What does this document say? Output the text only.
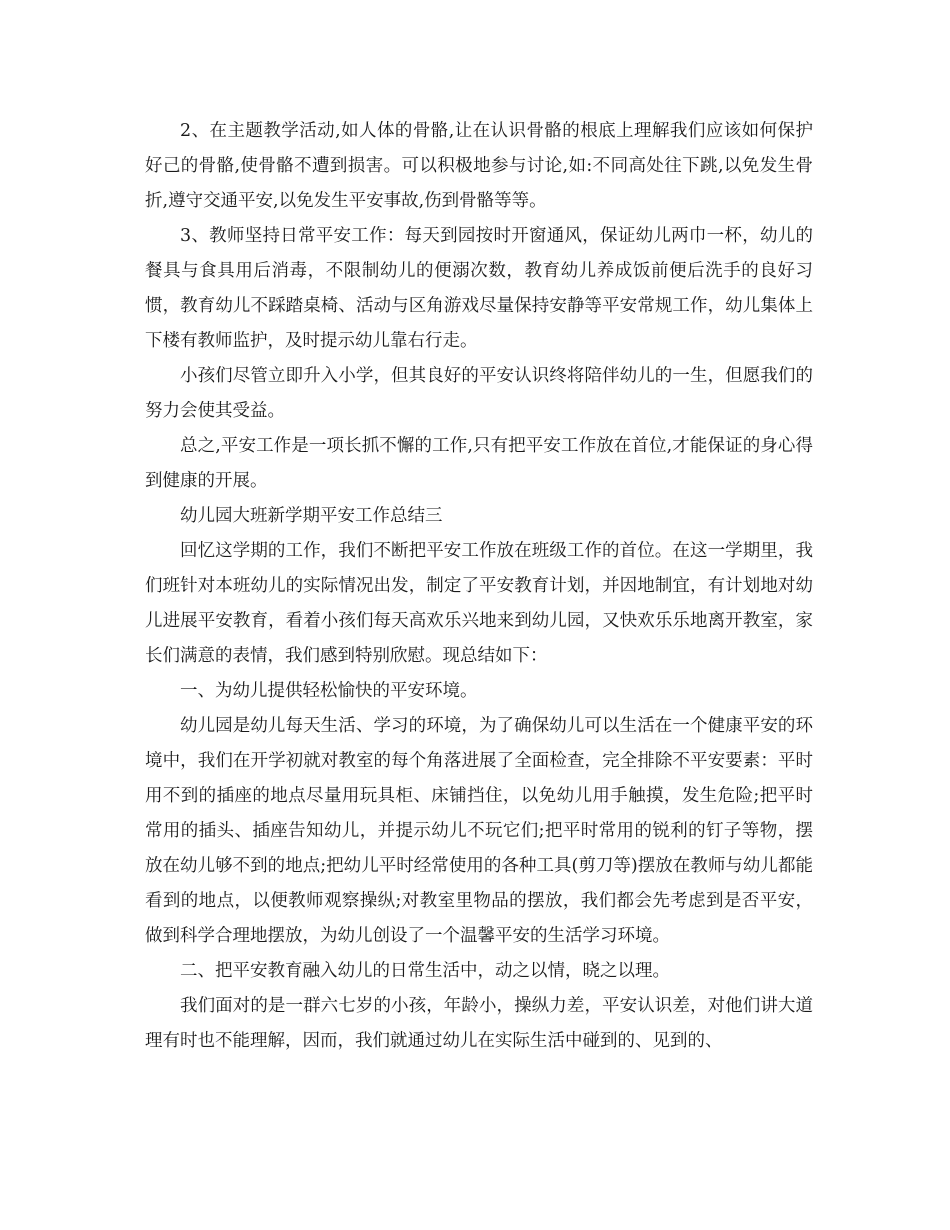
2、在主题教学活动,如人体的骨骼,让在认识骨骼的根底上理解我们应该如何保护好己的骨骼,使骨骼不遭到损害。可以积极地参与讨论,如:不同高处往下跳,以免发生骨折,遵守交通平安,以免发生平安事故,伤到骨骼等等。

3、教师坚持日常平安工作：每天到园按时开窗通风，保证幼儿两巾一杯，幼儿的餐具与食具用后消毒，不限制幼儿的便溺次数，教育幼儿养成饭前便后洗手的良好习惯，教育幼儿不踩踏桌椅、活动与区角游戏尽量保持安静等平安常规工作，幼儿集体上下楼有教师监护，及时提示幼儿靠右行走。

小孩们尽管立即升入小学，但其良好的平安认识终将陪伴幼儿的一生，但愿我们的努力会使其受益。

总之,平安工作是一项长抓不懈的工作,只有把平安工作放在首位,才能保证的身心得到健康的开展。

幼儿园大班新学期平安工作总结三

回忆这学期的工作，我们不断把平安工作放在班级工作的首位。在这一学期里，我们班针对本班幼儿的实际情况出发，制定了平安教育计划，并因地制宜，有计划地对幼儿进展平安教育，看着小孩们每天高欢乐兴地来到幼儿园，又快欢乐乐地离开教室，家长们满意的表情，我们感到特别欣慰。现总结如下：

一、为幼儿提供轻松愉快的平安环境。

幼儿园是幼儿每天生活、学习的环境，为了确保幼儿可以生活在一个健康平安的环境中，我们在开学初就对教室的每个角落进展了全面检查，完全排除不平安要素：平时用不到的插座的地点尽量用玩具柜、床铺挡住，以免幼儿用手触摸，发生危险;把平时常用的插头、插座告知幼儿，并提示幼儿不玩它们;把平时常用的锐利的钉子等物，摆放在幼儿够不到的地点;把幼儿平时经常使用的各种工具(剪刀等)摆放在教师与幼儿都能看到的地点，以便教师观察操纵;对教室里物品的摆放，我们都会先考虑到是否平安，做到科学合理地摆放，为幼儿创设了一个温馨平安的生活学习环境。

二、把平安教育融入幼儿的日常生活中，动之以情，晓之以理。

我们面对的是一群六七岁的小孩，年龄小，操纵力差，平安认识差，对他们讲大道理有时也不能理解，因而，我们就通过幼儿在实际生活中碰到的、见到的、
